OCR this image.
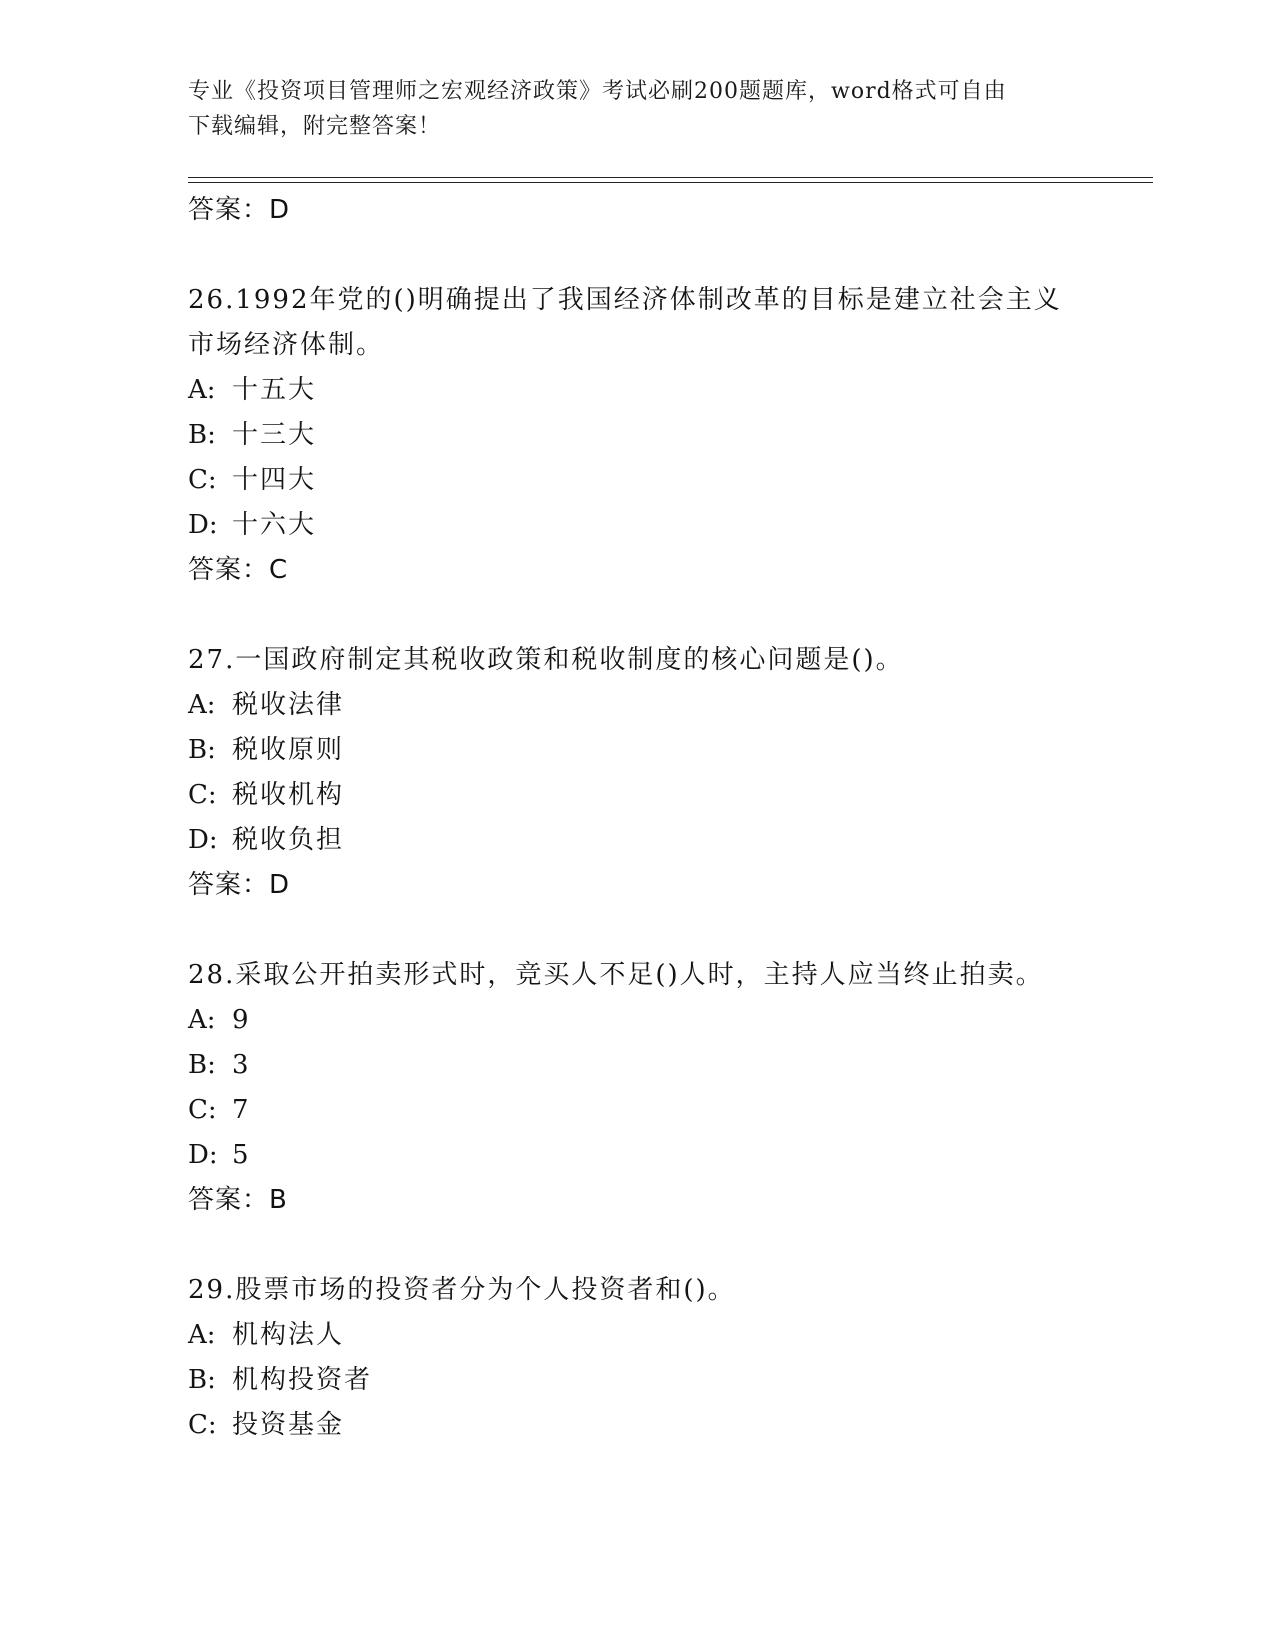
专业《投资项目管理师之宏观经济政策》考试必刷200题题库，word格式可自由
下载编辑，附完整答案！
答案：D
26.1992年党的()明确提出了我国经济体制改革的目标是建立社会主义
市场经济体制。
A: 十五大
B: 十三大
C: 十四大
D: 十六大
答案：C
27.一国政府制定其税收政策和税收制度的核心问题是()。
A: 税收法律
B: 税收原则
C: 税收机构
D: 税收负担
答案：D
28.采取公开拍卖形式时，竞买人不足()人时，主持人应当终止拍卖。
A: 9
B: 3
C: 7
D: 5
答案：B
29.股票市场的投资者分为个人投资者和()。
A: 机构法人
B: 机构投资者
C: 投资基金
